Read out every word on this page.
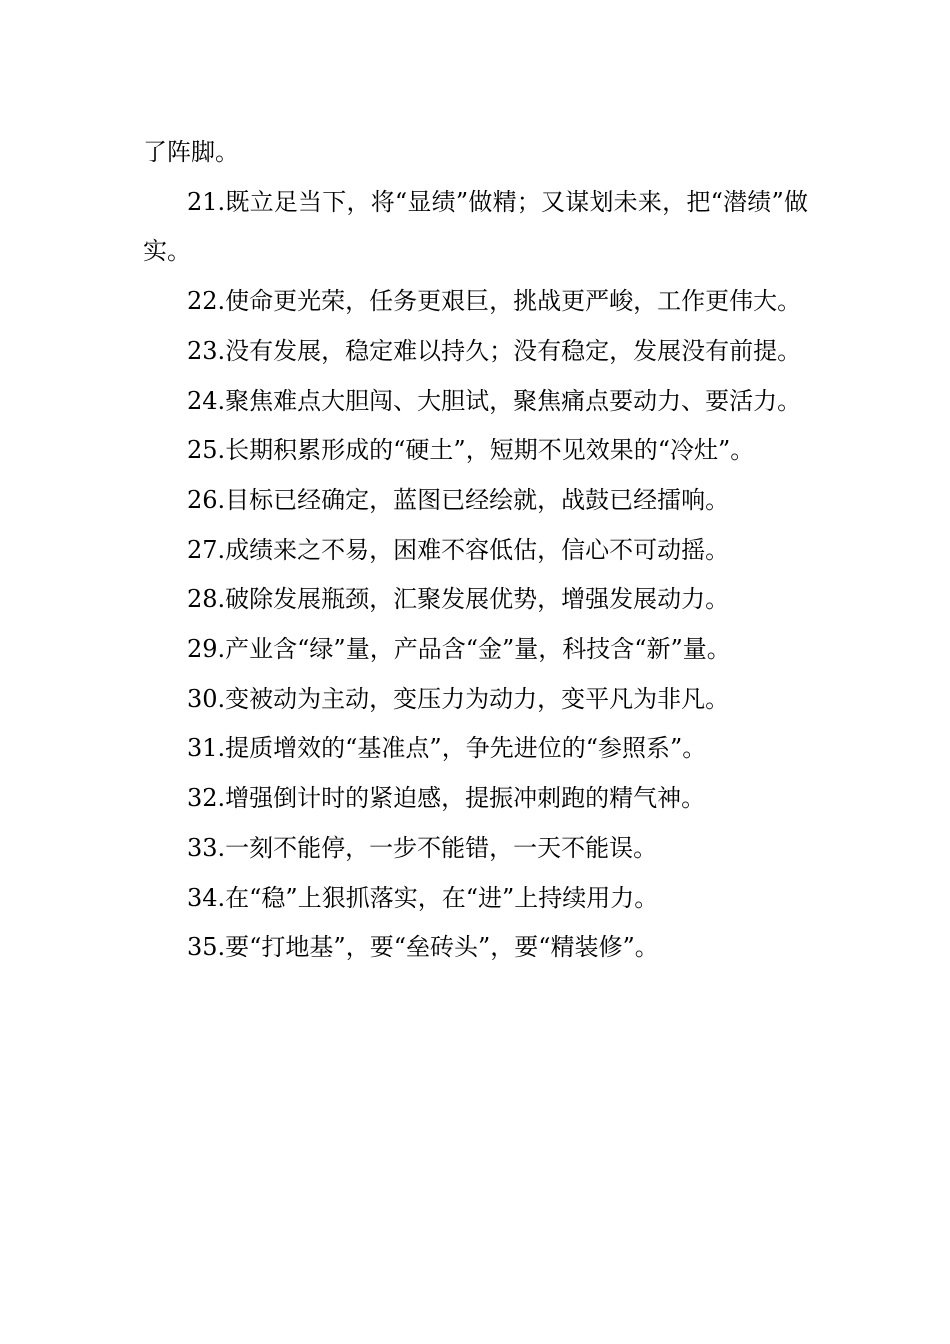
了阵脚。

21.既立足当下，将“显绩”做精；又谋划未来，把“潜绩”做实。

22.使命更光荣，任务更艰巨，挑战更严峻，工作更伟大。

23.没有发展，稳定难以持久；没有稳定，发展没有前提。

24.聚焦难点大胆闯、大胆试，聚焦痛点要动力、要活力。

25.长期积累形成的“硬土”，短期不见效果的“冷灶”。

26.目标已经确定，蓝图已经绘就，战鼓已经擂响。

27.成绩来之不易，困难不容低估，信心不可动摇。

28.破除发展瓶颈，汇聚发展优势，增强发展动力。

29.产业含“绿”量，产品含“金”量，科技含“新”量。

30.变被动为主动，变压力为动力，变平凡为非凡。

31.提质增效的“基准点”，争先进位的“参照系”。

32.增强倒计时的紧迫感，提振冲刺跑的精气神。

33.一刻不能停，一步不能错，一天不能误。

34.在“稳”上狠抓落实，在“进”上持续用力。

35.要“打地基”，要“垒砖头”，要“精装修”。
